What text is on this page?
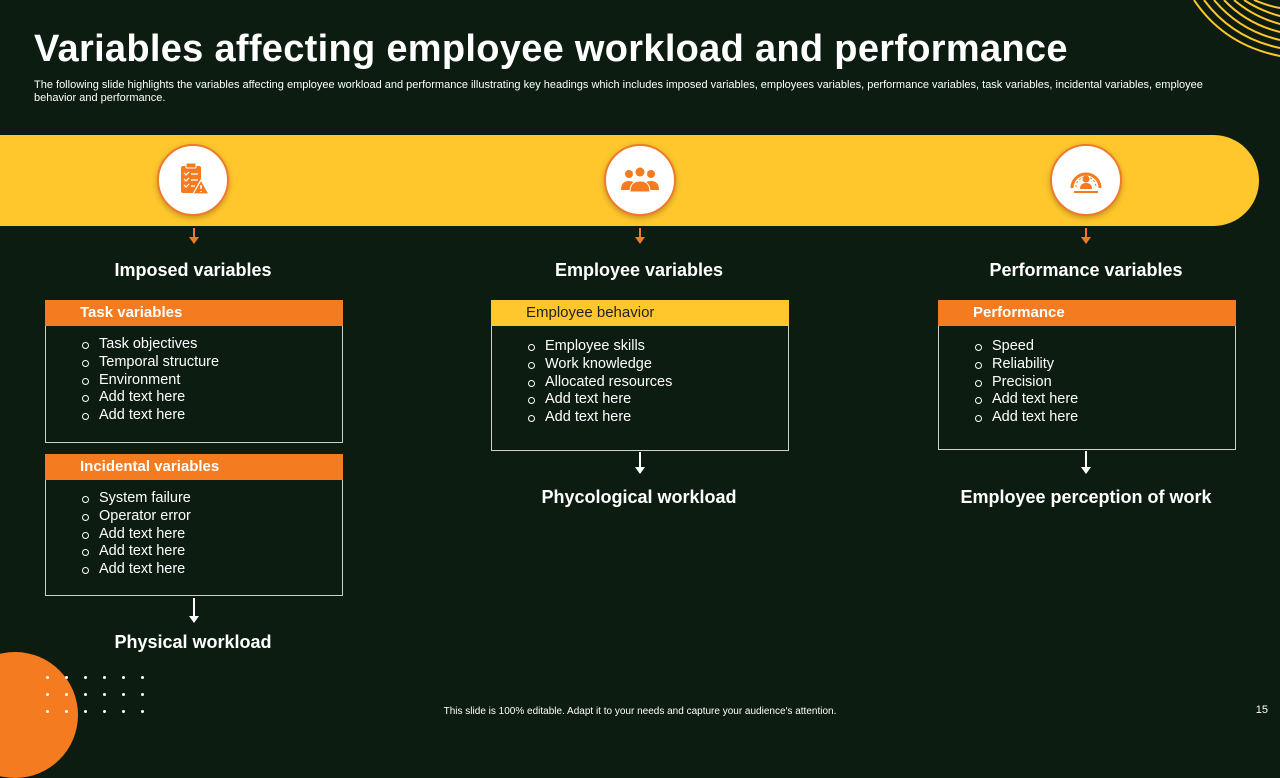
Variables affecting employee workload and performance
The following slide highlights the variables affecting employee workload and performance illustrating key headings which includes imposed variables, employees variables, performance variables, task variables, incidental variables, employee behavior and performance.
Imposed variables
Task variables
Task objectives
Temporal structure
Environment
Add text here
Add text here
Incidental variables
System failure
Operator error
Add text here
Add text here
Add text here
Physical workload
Employee variables
Employee behavior
Employee skills
Work knowledge
Allocated resources
Add text here
Add text here
Phycological workload
Performance variables
Performance
Speed
Reliability
Precision
Add text here
Add text here
Employee perception of work
This slide is 100% editable. Adapt it to your needs and capture your audience's attention.	15
